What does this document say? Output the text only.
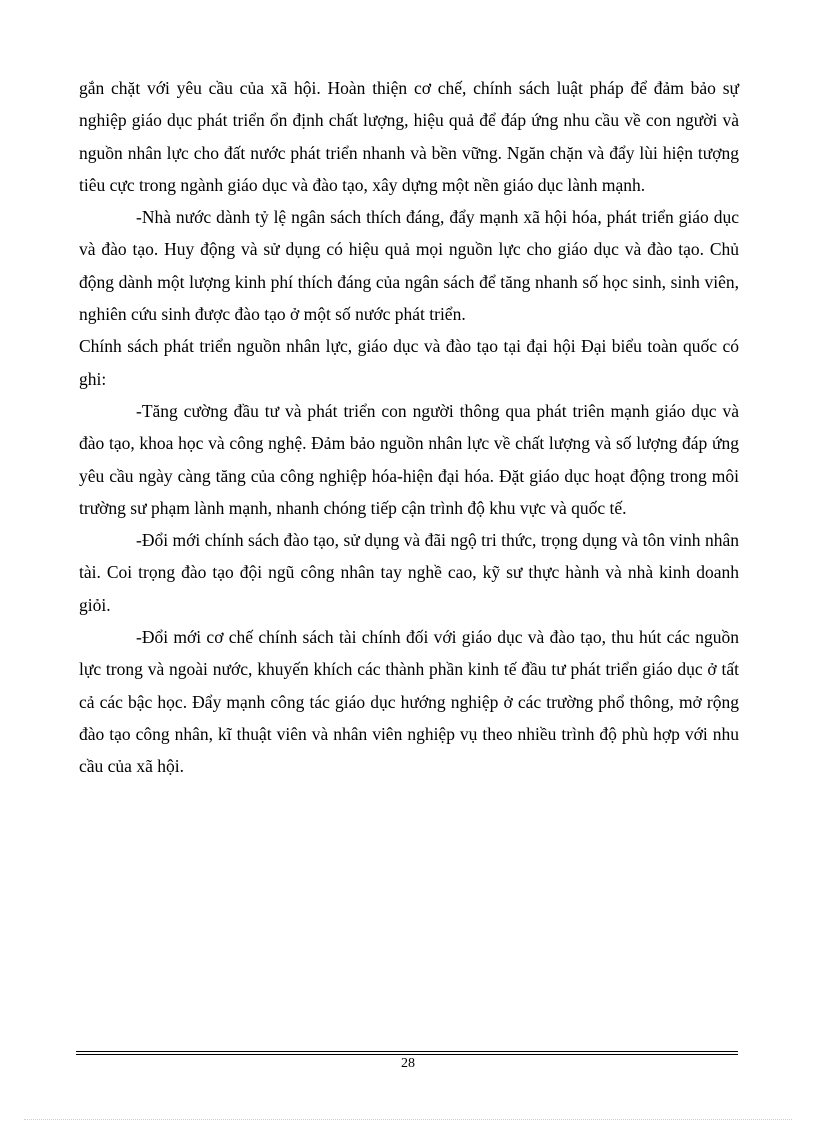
gắn chặt với yêu cầu của xã hội. Hoàn thiện cơ chế, chính sách luật pháp để đảm bảo sự nghiệp giáo dục phát triển ổn định chất lượng, hiệu quả để đáp ứng nhu cầu về con người và nguồn nhân lực cho đất nước phát triển nhanh và bền vững. Ngăn chặn và đẩy lùi hiện tượng tiêu cực trong ngành giáo dục và đào tạo, xây dựng một nền giáo dục lành mạnh.

-Nhà nước dành tỷ lệ ngân sách thích đáng, đẩy mạnh xã hội hóa, phát triển giáo dục và đào tạo. Huy động và sử dụng có hiệu quả mọi nguồn lực cho giáo dục và đào tạo. Chủ động dành một lượng kinh phí thích đáng của ngân sách để tăng nhanh số học sinh, sinh viên, nghiên cứu sinh được đào tạo ở một số nước phát triển.

Chính sách phát triển nguồn nhân lực, giáo dục và đào tạo tại đại hội Đại biểu toàn quốc có ghi:

-Tăng cường đầu tư và phát triển con người thông qua phát triên mạnh giáo dục và đào tạo, khoa học và công nghệ. Đảm bảo nguồn nhân lực về chất lượng và số lượng đáp ứng yêu cầu ngày càng tăng của công nghiệp hóa-hiện đại hóa. Đặt giáo dục hoạt động trong môi trường sư phạm lành mạnh, nhanh chóng tiếp cận trình độ khu vực và quốc tế.

-Đổi mới chính sách đào tạo, sử dụng và đãi ngộ tri thức, trọng dụng và tôn vinh nhân tài. Coi trọng đào tạo đội ngũ công nhân tay nghề cao, kỹ sư thực hành và nhà kinh doanh giỏi.

-Đổi mới cơ chế chính sách tài chính đối với giáo dục và đào tạo, thu hút các nguồn lực trong và ngoài nước, khuyến khích các thành phần kinh tế đầu tư phát triển giáo dục ở tất cả các bậc học. Đẩy mạnh công tác giáo dục hướng nghiệp ở các trường phổ thông, mở rộng đào tạo công nhân, kĩ thuật viên và nhân viên nghiệp vụ theo nhiều trình độ phù hợp với nhu cầu của xã hội.

28
